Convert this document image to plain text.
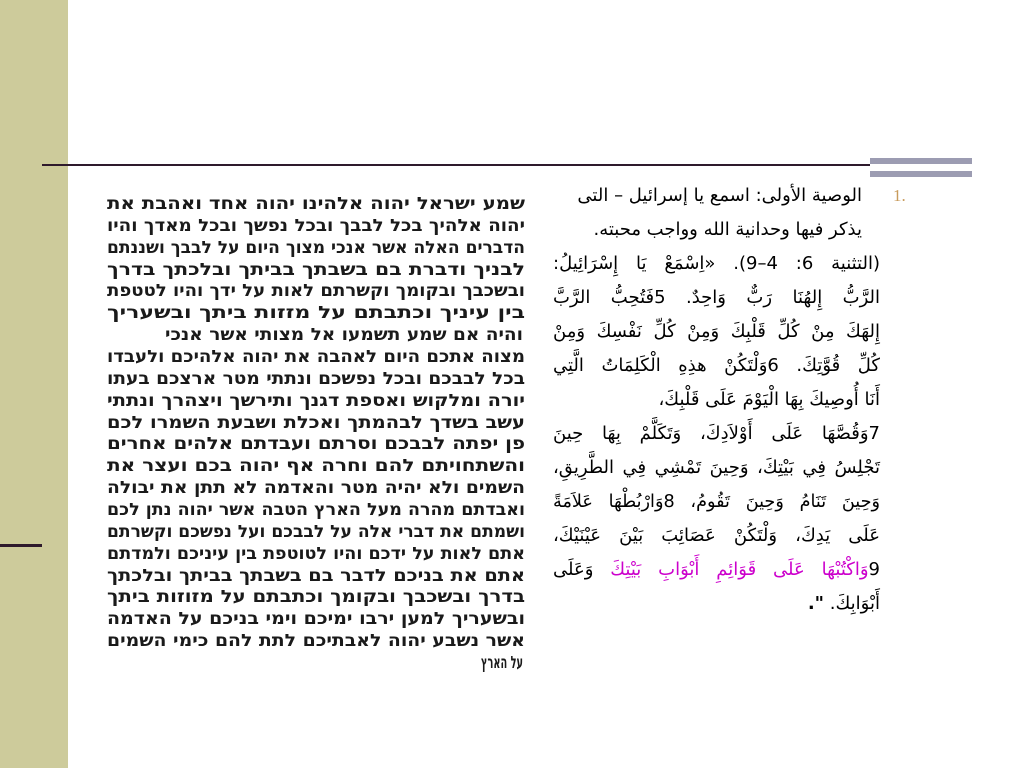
שמע ישראל יהוה אלהינו יהוה אחד ואהבת את
יהוה אלהיך בכל לבבך ובכל נפשך ובכל מאדך והיו
הדברים האלה אשר אנכי מצוך היום על לבבך ושננתם
לבניך ודברת בם בשבתך בביתך ובלכתך בדרך
ובשכבך ובקומך וקשרתם לאות על ידך והיו לטטפת
בין עיניך וכתבתם על מזזות ביתך ובשעריך
והיה אם שמע תשמעו אל מצותי אשר אנכי
מצוה אתכם היום לאהבה את יהוה אלהיכם ולעבדו
בכל לבבכם ובכל נפשכם ונתתי מטר ארצכם בעתו
יורה ומלקוש ואספת דגנך ותירשך ויצהרך ונתתי
עשב בשדך לבהמתך ואכלת ושבעת השמרו לכם
פן יפתה לבבכם וסרתם ועבדתם אלהים אחרים
והשתחויתם להם וחרה אף יהוה בכם ועצר את
השמים ולא יהיה מטר והאדמה לא תתן את יבולה
ואבדתם מהרה מעל הארץ הטבה אשר יהוה נתן לכם
ושמתם את דברי אלה על לבבכם ועל נפשכם וקשרתם
אתם לאות על ידכם והיו לטוטפת בין עיניכם ולמדתם
אתם את בניכם לדבר בם בשבתך בביתך ובלכתך
בדרך ובשכבך ובקומך וכתבתם על מזוזות ביתך
ובשעריך למען ירבו ימיכם וימי בניכם על האדמה
אשר נשבע יהוה לאבתיכם לתת להם כימי השמים
על הארץ
1.
الوصية الأولى: اسمع يا إسرائيل – التى
يذكر فيها وحدانية الله وواجب محبته.
(التثنية 6: 4–9). «اِسْمَعْ يَا إِسْرَائِيلُ:
الرَّبُّ إِلهُنَا رَبٌّ وَاحِدٌ. 5فَتُحِبُّ الرَّبَّ
إِلهَكَ مِنْ كُلِّ قَلْبِكَ وَمِنْ كُلِّ نَفْسِكَ وَمِنْ
كُلِّ قُوَّتِكَ. 6وَلْتَكُنْ هذِهِ الْكَلِمَاتُ الَّتِي
أَنَا أُوصِيكَ بِهَا الْيَوْمَ عَلَى قَلْبِكَ،
7وَقُصَّهَا عَلَى أَوْلاَدِكَ، وَتَكَلَّمْ بِهَا حِينَ
تَجْلِسُ فِي بَيْتِكَ، وَحِينَ تَمْشِي فِي الطَّرِيقِ،
وَحِينَ تَنَامُ وَحِينَ تَقُومُ، 8وَارْبُطْهَا عَلاَمَةً
عَلَى يَدِكَ، وَلْتَكُنْ عَصَائِبَ بَيْنَ عَيْنَيْكَ،
9وَاكْتُبْهَا عَلَى قَوَائِمِ أَبْوَابِ بَيْتِكَ وَعَلَى
أَبْوَابِكَ. ".
